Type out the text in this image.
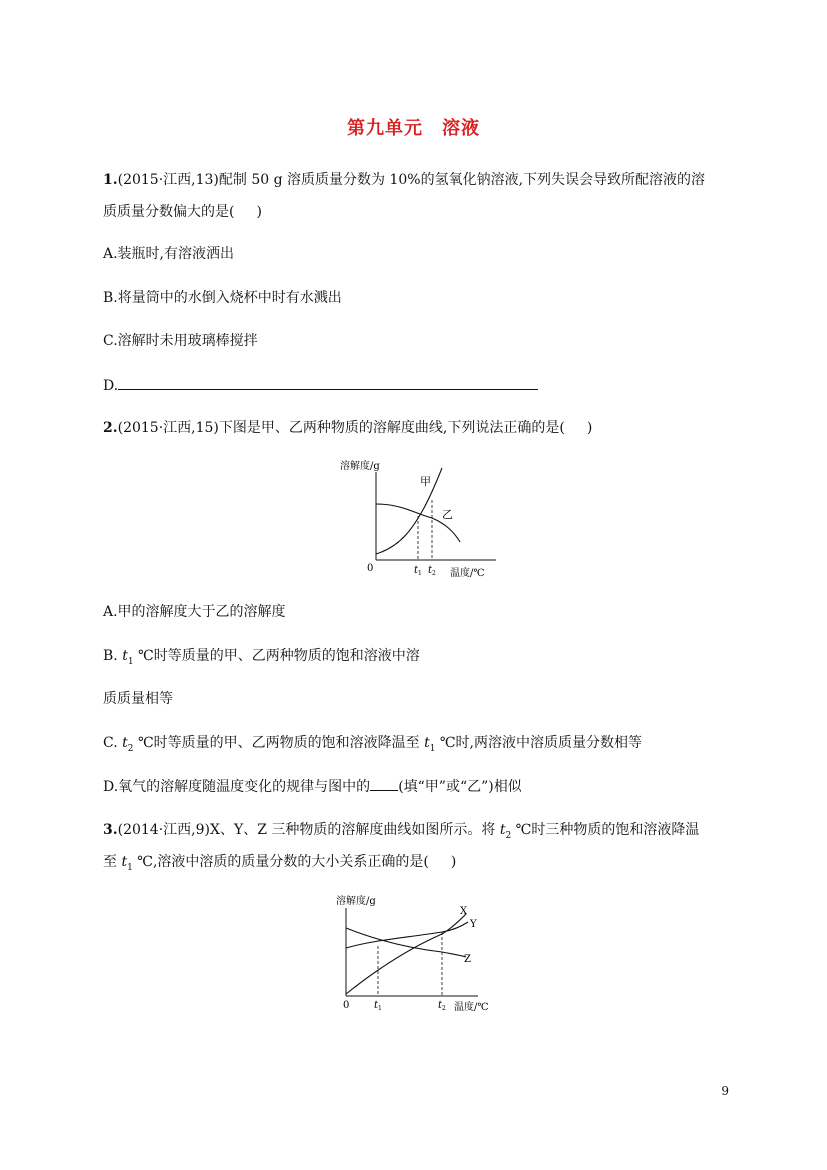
第九单元　溶液
1.(2015·江西,13)配制 50 g 溶质质量分数为 10%的氢氧化钠溶液,下列失误会导致所配溶液的溶
质质量分数偏大的是( )
A.装瓶时,有溶液洒出
B.将量筒中的水倒入烧杯中时有水溅出
C.溶解时未用玻璃棒搅拌
D.
2.(2015·江西,15)下图是甲、乙两种物质的溶解度曲线,下列说法正确的是( )
溶解度/g
0
甲
乙
t 1 t 2 温度/℃
A.甲的溶解度大于乙的溶解度
B. $t_1$ ℃时等质量的甲、乙两种物质的饱和溶液中溶
质质量相等
C. $t_2$ ℃时等质量的甲、乙两物质的饱和溶液降温至 $t_1$ ℃时,两溶液中溶质质量分数相等
D.氧气的溶解度随温度变化的规律与图中的 (填“甲”或“乙”)相似
3.(2014·江西,9)X、Y、Z 三种物质的溶解度曲线如图所示。将 $t_2$ ℃时三种物质的饱和溶液降温
至 $t_1$ ℃,溶液中溶质的质量分数的大小关系正确的是( )
溶解度/g
0
X
Y
Z
t 1	t 2 温度/℃
9
